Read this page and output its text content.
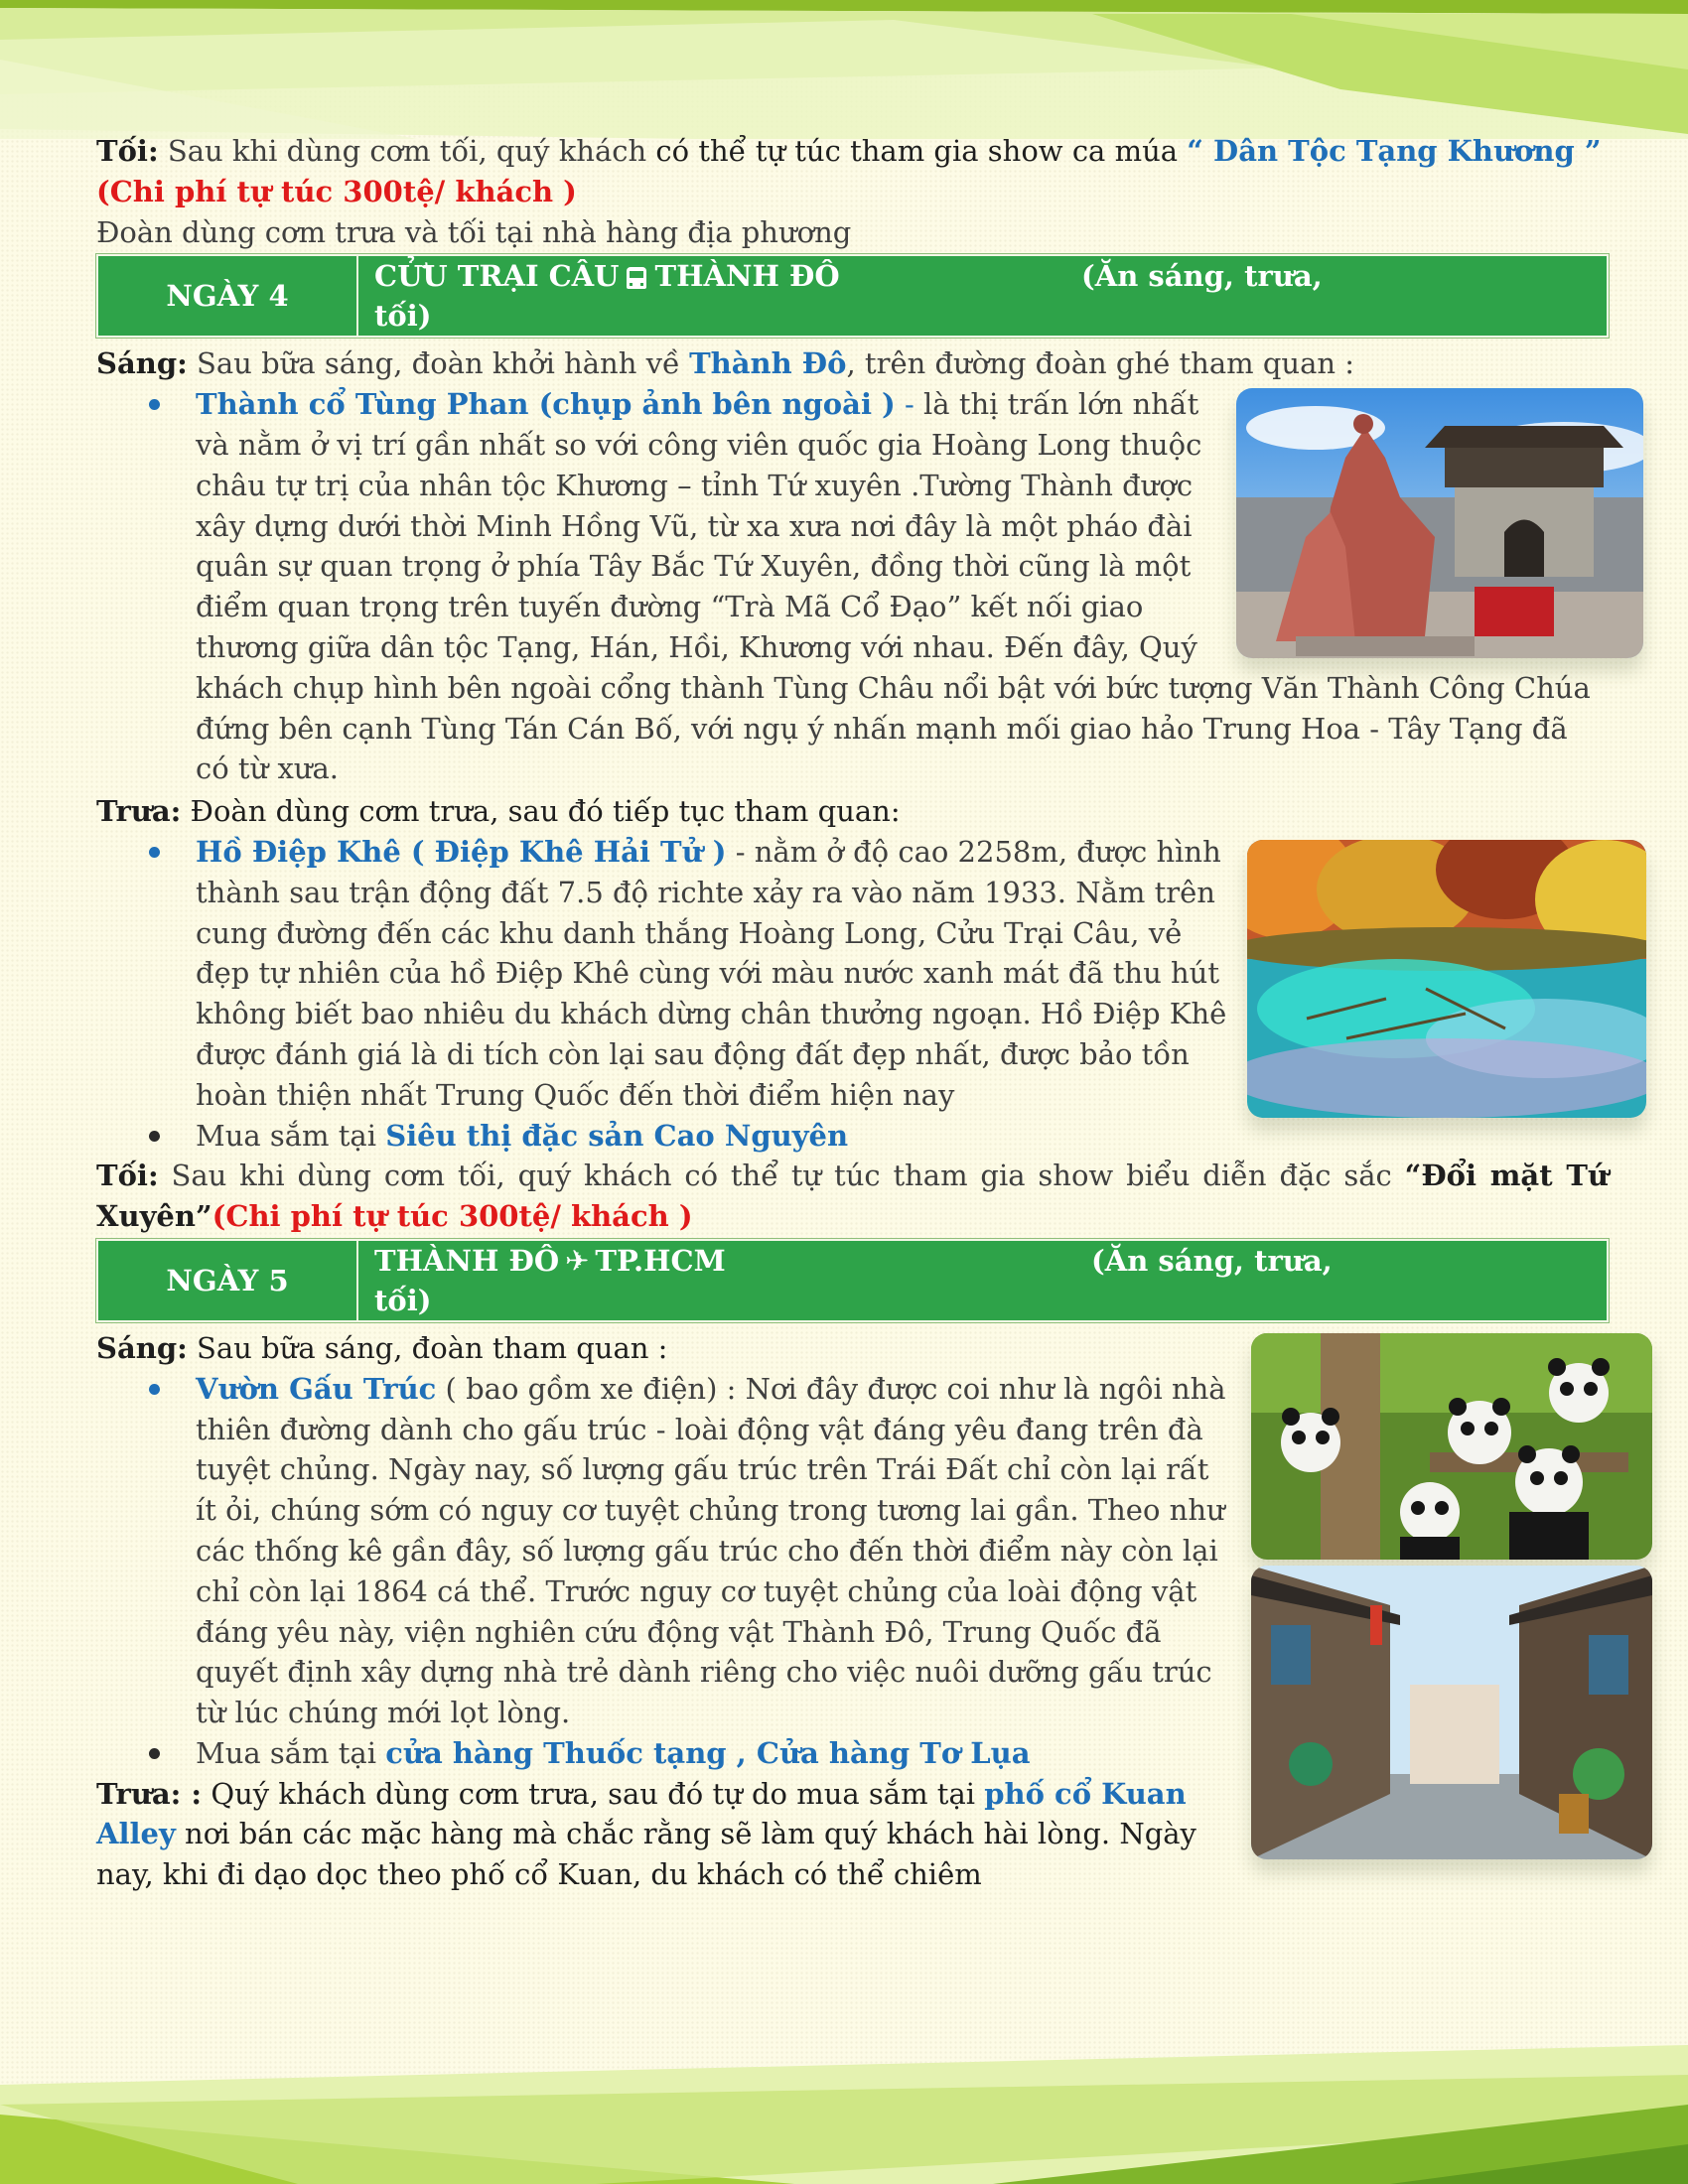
Tối: Sau khi dùng cơm tối, quý khách có thể tự túc tham gia show ca múa “ Dân Tộc Tạng Khương ”
(Chi phí tự túc 300tệ/ khách )

Đoàn dùng cơm trưa và tối tại nhà hàng địa phương

NGÀY 4
CỬU TRẠI CÂU THÀNH ĐÔ	(Ăn sáng, trưa,

tối)

Sáng: Sau bữa sáng, đoàn khởi hành về Thành Đô, trên đường đoàn ghé tham quan :

Thành cổ Tùng Phan (chụp ảnh bên ngoài ) - là thị trấn lớn nhất và nằm ở vị trí gần nhất so với công viên quốc gia Hoàng Long thuộc châu tự trị của nhân tộc Khương – tỉnh Tứ xuyên .Tường Thành được xây dựng dưới thời Minh Hồng Vũ, từ xa xưa nơi đây là một pháo đài quân sự quan trọng ở phía Tây Bắc Tứ Xuyên, đồng thời cũng là một điểm quan trọng trên tuyến đường “Trà Mã Cổ Đạo” kết nối giao thương giữa dân tộc Tạng, Hán, Hồi, Khương với nhau. Đến đây, Quý khách chụp hình bên ngoài cổng thành Tùng Châu nổi bật với bức tượng Văn Thành Công Chúa đứng bên cạnh Tùng Tán Cán Bố, với ngụ ý nhấn mạnh mối giao hảo Trung Hoa - Tây Tạng đã có từ xưa.

Trưa: Đoàn dùng cơm trưa, sau đó tiếp tục tham quan:

Hồ Điệp Khê ( Điệp Khê Hải Tử ) - nằm ở độ cao 2258m, được hình thành sau trận động đất 7.5 độ richte xảy ra vào năm 1933. Nằm trên cung đường đến các khu danh thắng Hoàng Long, Cửu Trại Câu, vẻ đẹp tự nhiên của hồ Điệp Khê cùng với màu nước xanh mát đã thu hút không biết bao nhiêu du khách dừng chân thưởng ngoạn. Hồ Điệp Khê được đánh giá là di tích còn lại sau động đất đẹp nhất, được bảo tồn hoàn thiện nhất Trung Quốc đến thời điểm hiện nay
Mua sắm tại Siêu thị đặc sản Cao Nguyên

Tối: Sau khi dùng cơm tối, quý khách có thể tự túc tham gia show biểu diễn đặc sắc “Đổi mặt Tứ Xuyên”(Chi phí tự túc 300tệ/ khách )

NGÀY 5
THÀNH ĐÔ ✈ TP.HCM	(Ăn sáng, trưa,

tối)

Sáng: Sau bữa sáng, đoàn tham quan :

Vườn Gấu Trúc ( bao gồm xe điện) : Nơi đây được coi như là ngôi nhà thiên đường dành cho gấu trúc - loài động vật đáng yêu đang trên đà tuyệt chủng. Ngày nay, số lượng gấu trúc trên Trái Đất chỉ còn lại rất ít ỏi, chúng sớm có nguy cơ tuyệt chủng trong tương lai gần. Theo như các thống kê gần đây, số lượng gấu trúc cho đến thời điểm này còn lại chỉ còn lại 1864 cá thể. Trước nguy cơ tuyệt chủng của loài động vật đáng yêu này, viện nghiên cứu động vật Thành Đô, Trung Quốc đã quyết định xây dựng nhà trẻ dành riêng cho việc nuôi dưỡng gấu trúc từ lúc chúng mới lọt lòng.
Mua sắm tại cửa hàng Thuốc tạng , Cửa hàng Tơ Lụa

Trưa: : Quý khách dùng cơm trưa, sau đó tự do mua sắm tại phố cổ Kuan Alley nơi bán các mặc hàng mà chắc rằng sẽ làm quý khách hài lòng. Ngày nay, khi đi dạo dọc theo phố cổ Kuan, du khách có thể chiêm
